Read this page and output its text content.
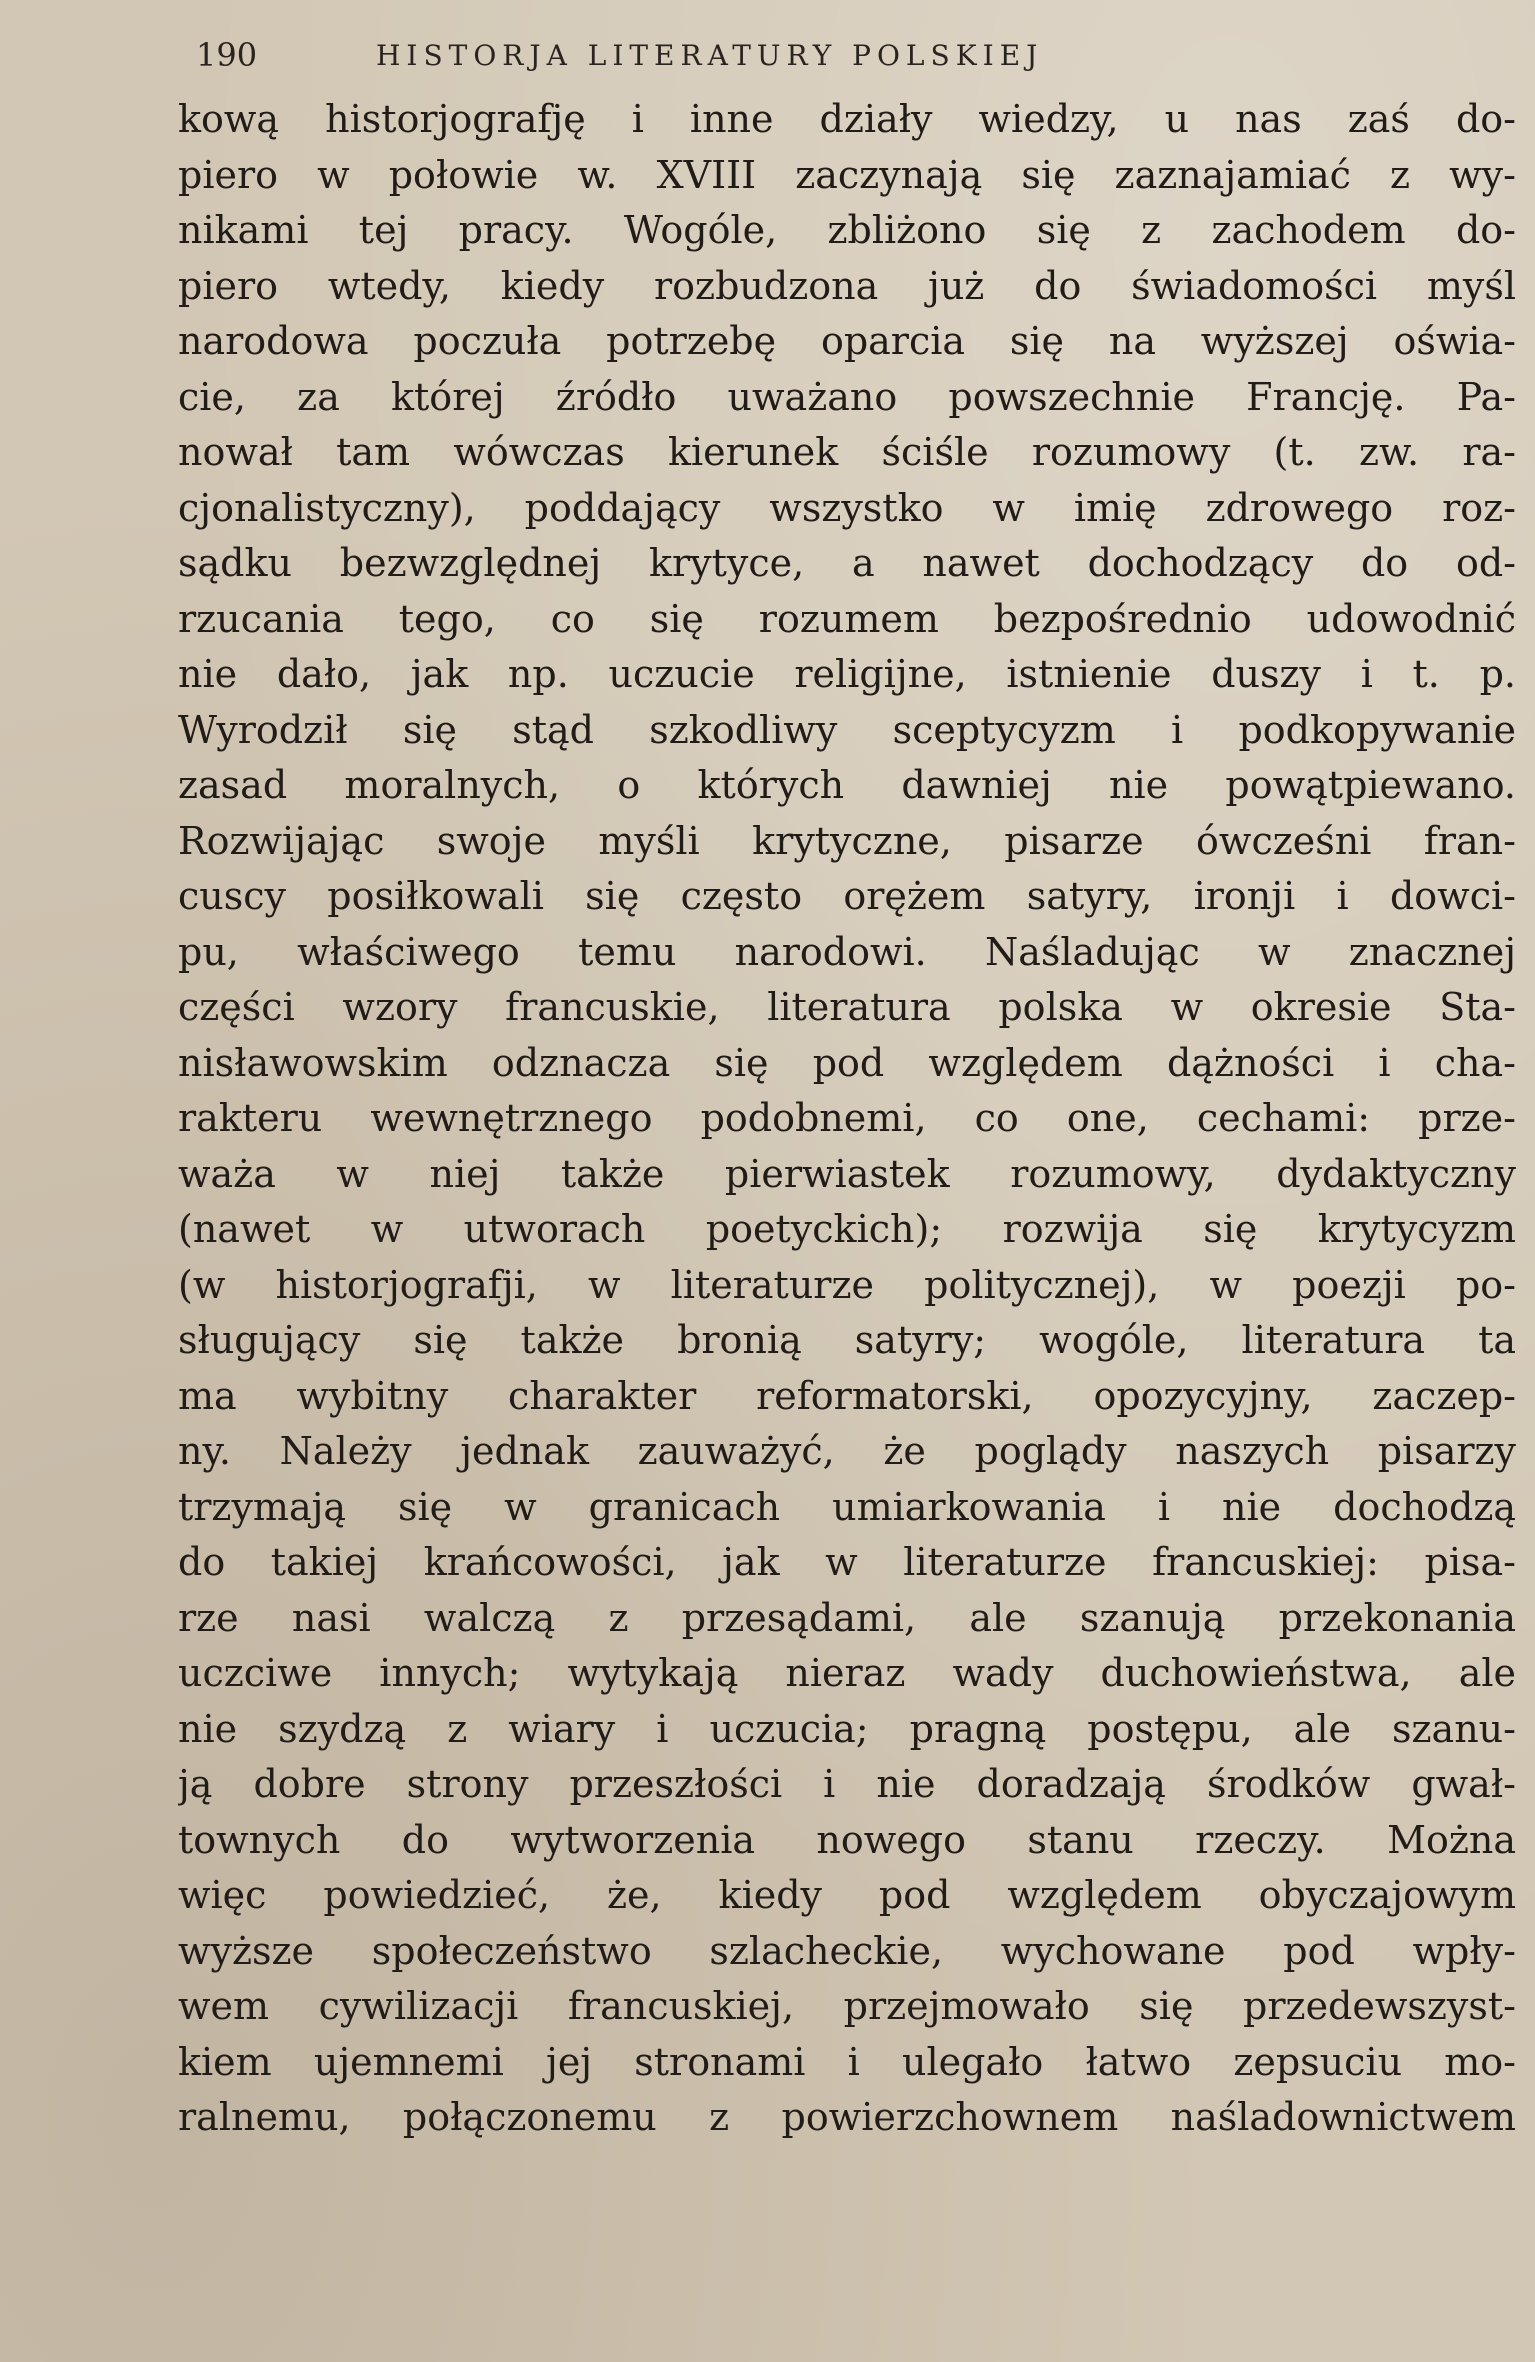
190	HISTORJA LITERATURY POLSKIEJ
kową historjografję i inne działy wiedzy, u nas zaś do-
piero w połowie w. XVIII zaczynają się zaznajamiać z wy-
nikami tej pracy. Wogóle, zbliżono się z zachodem do-
piero wtedy, kiedy rozbudzona już do świadomości myśl
narodowa poczuła potrzebę oparcia się na wyższej oświa-
cie, za której źródło uważano powszechnie Francję. Pa-
nował tam wówczas kierunek ściśle rozumowy (t. zw. ra-
cjonalistyczny), poddający wszystko w imię zdrowego roz-
sądku bezwzględnej krytyce, a nawet dochodzący do od-
rzucania tego, co się rozumem bezpośrednio udowodnić
nie dało, jak np. uczucie religijne, istnienie duszy i t. p.
Wyrodził się stąd szkodliwy sceptycyzm i podkopywanie
zasad moralnych, o których dawniej nie powątpiewano.
Rozwijając swoje myśli krytyczne, pisarze ówcześni fran-
cuscy posiłkowali się często orężem satyry, ironji i dowci-
pu, właściwego temu narodowi. Naśladując w znacznej
części wzory francuskie, literatura polska w okresie Sta-
nisławowskim odznacza się pod względem dążności i cha-
rakteru wewnętrznego podobnemi, co one, cechami: prze-
waża w niej także pierwiastek rozumowy, dydaktyczny
(nawet w utworach poetyckich); rozwija się krytycyzm
(w historjografji, w literaturze politycznej), w poezji po-
sługujący się także bronią satyry; wogóle, literatura ta
ma wybitny charakter reformatorski, opozycyjny, zaczep-
ny. Należy jednak zauważyć, że poglądy naszych pisarzy
trzymają się w granicach umiarkowania i nie dochodzą
do takiej krańcowości, jak w literaturze francuskiej: pisa-
rze nasi walczą z przesądami, ale szanują przekonania
uczciwe innych; wytykają nieraz wady duchowieństwa, ale
nie szydzą z wiary i uczucia; pragną postępu, ale szanu-
ją dobre strony przeszłości i nie doradzają środków gwał-
townych do wytworzenia nowego stanu rzeczy. Można
więc powiedzieć, że, kiedy pod względem obyczajowym
wyższe społeczeństwo szlacheckie, wychowane pod wpły-
wem cywilizacji francuskiej, przejmowało się przedewszyst-
kiem ujemnemi jej stronami i ulegało łatwo zepsuciu mo-
ralnemu, połączonemu z powierzchownem naśladownictwem
